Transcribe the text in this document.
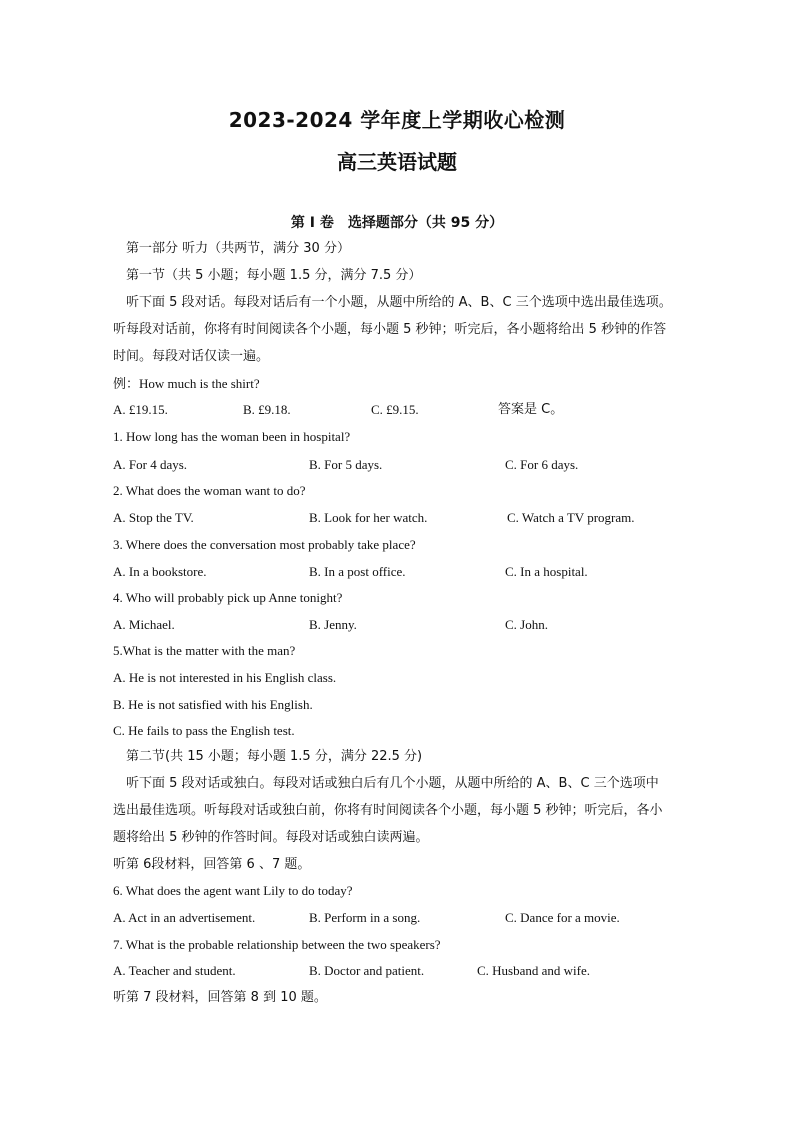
2023-2024 学年度上学期收心检测
高三英语试题
第 I 卷　选择题部分（共 95 分）
第一部分 听力（共两节，满分 30 分）
第一节（共 5 小题；每小题 1.5 分，满分 7.5 分）
听下面 5 段对话。每段对话后有一个小题，从题中所给的 A、B、C 三个选项中选出最佳选项。
听每段对话前，你将有时间阅读各个小题，每小题 5 秒钟；听完后，各小题将给出 5 秒钟的作答
时间。每段对话仅读一遍。
例：How much is the shirt?
A. £19.15.	B. £9.18.	C. £9.15.	答案是 C。
1. How long has the woman been in hospital?
A. For 4 days.	B. For 5 days.	C. For 6 days.
2. What does the woman want to do?
A. Stop the TV.	B. Look for her watch.	C. Watch a TV program.
3. Where does the conversation most probably take place?
A. In a bookstore.	B. In a post office.	C. In a hospital.
4. Who will probably pick up Anne tonight?
A. Michael.	B. Jenny.	C. John.
5.What is the matter with the man?
A. He is not interested in his English class.
B. He is not satisfied with his English.
C. He fails to pass the English test.
第二节(共 15 小题；每小题 1.5 分，满分 22.5 分)
听下面 5 段对话或独白。每段对话或独白后有几个小题，从题中所给的 A、B、C 三个选项中
选出最佳选项。听每段对话或独白前，你将有时间阅读各个小题，每小题 5 秒钟；听完后，各小
题将给出 5 秒钟的作答时间。每段对话或独白读两遍。
听第 6段材料，回答第 6 、7 题。
6. What does the agent want Lily to do today?
A. Act in an advertisement.	B. Perform in a song.	C. Dance for a movie.
7. What is the probable relationship between the two speakers?
A. Teacher and student.	B. Doctor and patient.	C. Husband and wife.
听第 7 段材料，回答第 8 到 10 题。
